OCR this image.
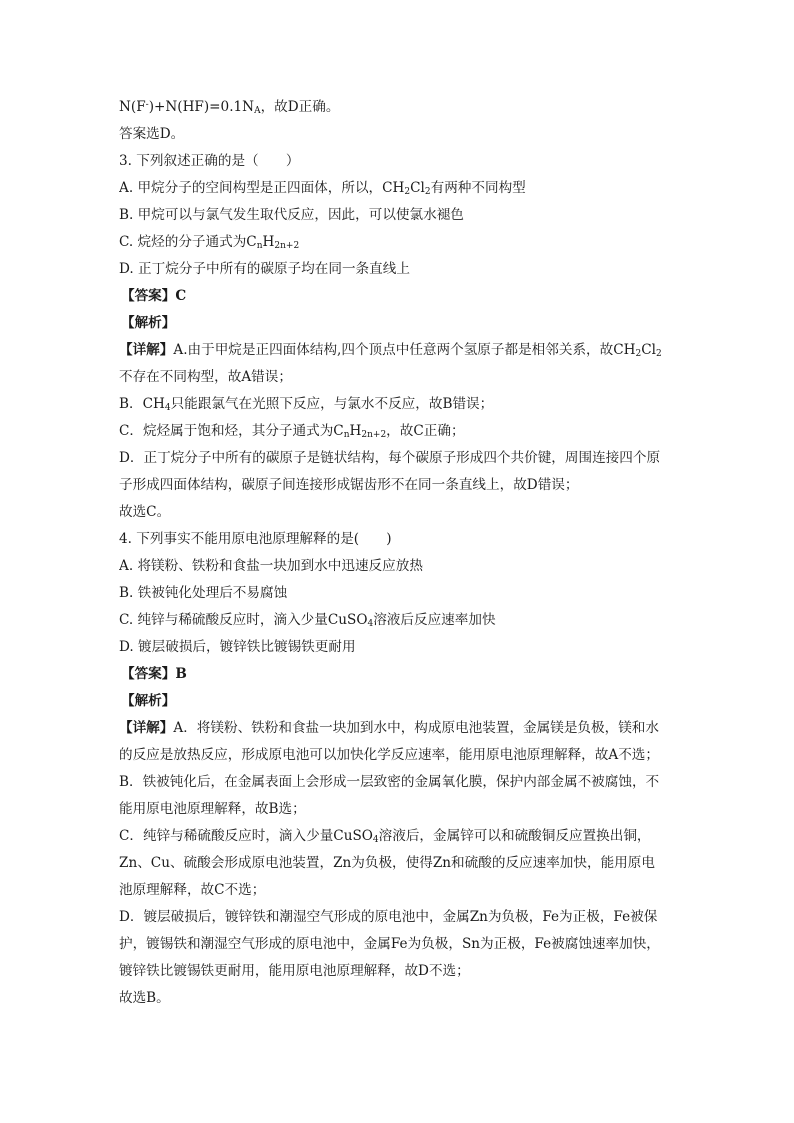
$N(F^-)+N(HF)=0.1N_A$，故D正确。
答案选D。
3. 下列叙述正确的是（　　）
A. 甲烷分子的空间构型是正四面体，所以，$CH_2Cl_2$有两种不同构型
B. 甲烷可以与氯气发生取代反应，因此，可以使氯水褪色
C. 烷烃的分子通式为$C_nH_{2n+2}$
D. 正丁烷分子中所有的碳原子均在同一条直线上
【答案】C
【解析】
【详解】A.由于甲烷是正四面体结构,四个顶点中任意两个氢原子都是相邻关系，故$CH_2Cl_2$
不存在不同构型，故A错误；
B．$CH_4$只能跟氯气在光照下反应，与氯水不反应，故B错误；
C．烷烃属于饱和烃，其分子通式为$C_nH_{2n+2}$，故C正确；
D．正丁烷分子中所有的碳原子是链状结构，每个碳原子形成四个共价键，周围连接四个原
子形成四面体结构，碳原子间连接形成锯齿形不在同一条直线上，故D错误；
故选C。
4. 下列事实不能用原电池原理解释的是(　　)
A. 将镁粉、铁粉和食盐一块加到水中迅速反应放热
B. 铁被钝化处理后不易腐蚀
C. 纯锌与稀硫酸反应时，滴入少量CuSO$_4$溶液后反应速率加快
D. 镀层破损后，镀锌铁比镀锡铁更耐用
【答案】B
【解析】
【详解】A．将镁粉、铁粉和食盐一块加到水中，构成原电池装置，金属镁是负极，镁和水
的反应是放热反应，形成原电池可以加快化学反应速率，能用原电池原理解释，故A不选；
B．铁被钝化后，在金属表面上会形成一层致密的金属氧化膜，保护内部金属不被腐蚀，不
能用原电池原理解释，故B选；
C．纯锌与稀硫酸反应时，滴入少量CuSO$_4$溶液后，金属锌可以和硫酸铜反应置换出铜，
Zn、Cu、硫酸会形成原电池装置，Zn为负极，使得Zn和硫酸的反应速率加快，能用原电
池原理解释，故C不选；
D．镀层破损后，镀锌铁和潮湿空气形成的原电池中，金属Zn为负极，Fe为正极，Fe被保
护，镀锡铁和潮湿空气形成的原电池中，金属Fe为负极，Sn为正极，Fe被腐蚀速率加快，
镀锌铁比镀锡铁更耐用，能用原电池原理解释，故D不选；
故选B。
